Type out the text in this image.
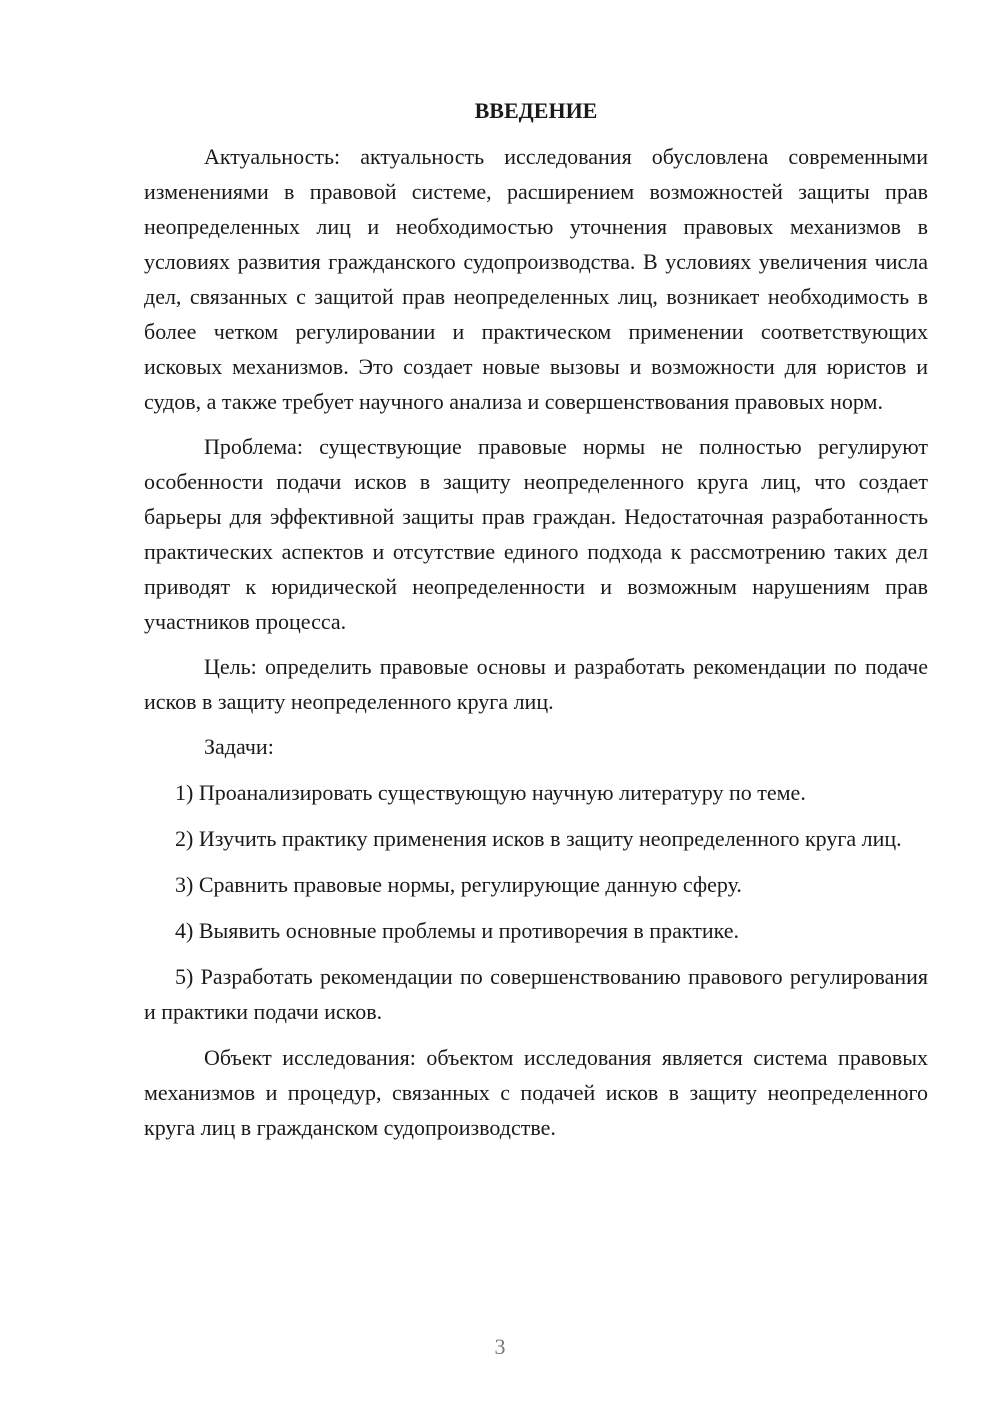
ВВЕДЕНИЕ

Актуальность: актуальность исследования обусловлена современными изменениями в правовой системе, расширением возможностей защиты прав неопределенных лиц и необходимостью уточнения правовых механизмов в условиях развития гражданского судопроизводства. В условиях увеличения числа дел, связанных с защитой прав неопределенных лиц, возникает необходимость в более четком регулировании и практическом применении соответствующих исковых механизмов. Это создает новые вызовы и возможности для юристов и судов, а также требует научного анализа и совершенствования правовых норм.

Проблема: существующие правовые нормы не полностью регулируют особенности подачи исков в защиту неопределенного круга лиц, что создает барьеры для эффективной защиты прав граждан. Недостаточная разработанность практических аспектов и отсутствие единого подхода к рассмотрению таких дел приводят к юридической неопределенности и возможным нарушениям прав участников процесса.

Цель: определить правовые основы и разработать рекомендации по подаче исков в защиту неопределенного круга лиц.

Задачи:

1) Проанализировать существующую научную литературу по теме.

2) Изучить практику применения исков в защиту неопределенного круга лиц.

3) Сравнить правовые нормы, регулирующие данную сферу.

4) Выявить основные проблемы и противоречия в практике.

5) Разработать рекомендации по совершенствованию правового регулирования и практики подачи исков.

Объект исследования: объектом исследования является система правовых механизмов и процедур, связанных с подачей исков в защиту неопределенного круга лиц в гражданском судопроизводстве.

3
